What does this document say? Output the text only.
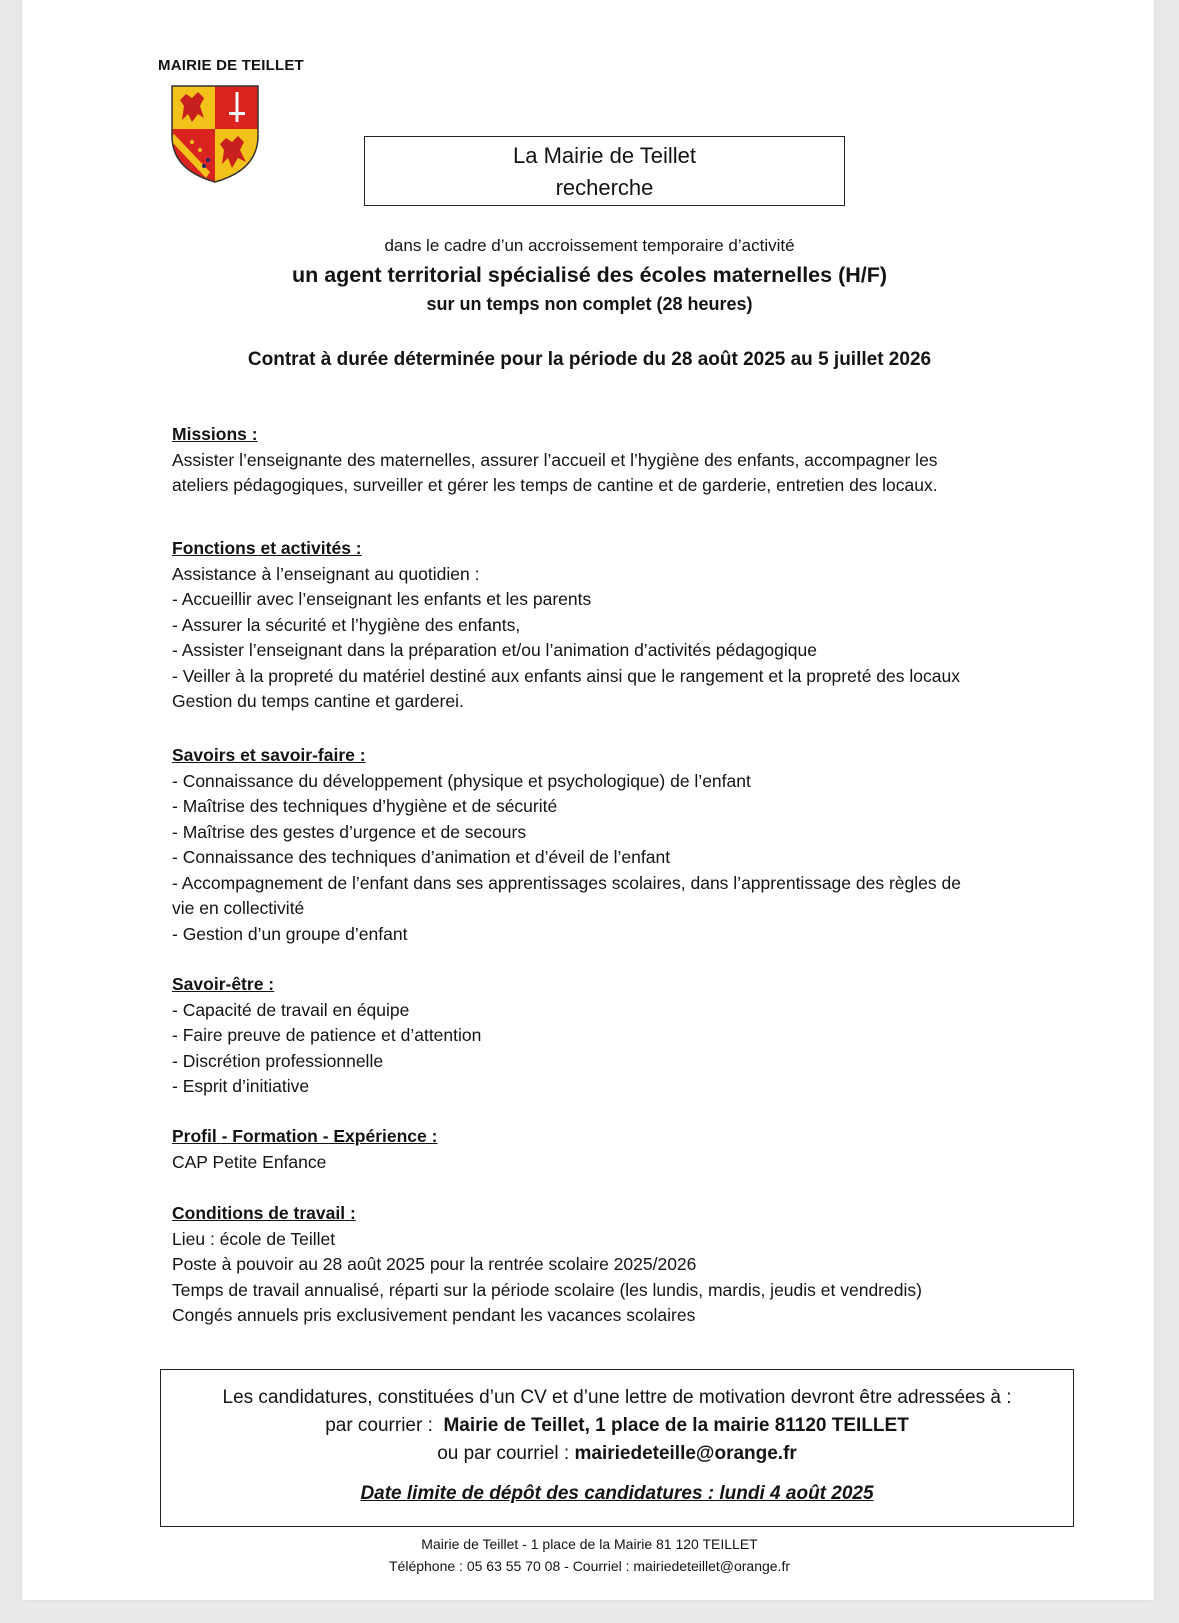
MAIRIE DE TEILLET
La Mairie de Teillet
recherche
dans le cadre d’un accroissement temporaire d’activité
un agent territorial spécialisé des écoles maternelles (H/F)
sur un temps non complet (28 heures)
Contrat à durée déterminée pour la période du 28 août 2025 au 5 juillet 2026
Missions :
Assister l’enseignante des maternelles, assurer l’accueil et l’hygiène des enfants, accompagner les
ateliers pédagogiques, surveiller et gérer les temps de cantine et de garderie, entretien des locaux.
Fonctions et activités :
Assistance à l’enseignant au quotidien :
- Accueillir avec l’enseignant les enfants et les parents
- Assurer la sécurité et l’hygiène des enfants,
- Assister l’enseignant dans la préparation et/ou l’animation d’activités pédagogique
- Veiller à la propreté du matériel destiné aux enfants ainsi que le rangement et la propreté des locaux
Gestion du temps cantine et garderei.
Savoirs et savoir-faire :
- Connaissance du développement (physique et psychologique) de l’enfant
- Maîtrise des techniques d’hygiène et de sécurité
- Maîtrise des gestes d’urgence et de secours
- Connaissance des techniques d’animation et d’éveil de l’enfant
- Accompagnement de l’enfant dans ses apprentissages scolaires, dans l’apprentissage des règles de
vie en collectivité
- Gestion d’un groupe d’enfant
Savoir-être :
- Capacité de travail en équipe
- Faire preuve de patience et d’attention
- Discrétion professionnelle
- Esprit d’initiative
Profil - Formation - Expérience :
CAP Petite Enfance
Conditions de travail :
Lieu : école de Teillet
Poste à pouvoir au 28 août 2025 pour la rentrée scolaire 2025/2026
Temps de travail annualisé, réparti sur la période scolaire (les lundis, mardis, jeudis et vendredis)
Congés annuels pris exclusivement pendant les vacances scolaires
Les candidatures, constituées d’un CV et d’une lettre de motivation devront être adressées à :
par courrier : Mairie de Teillet, 1 place de la mairie 81120 TEILLET
ou par courriel : mairiedeteille@orange.fr
Date limite de dépôt des candidatures : lundi 4 août 2025
Mairie de Teillet - 1 place de la Mairie 81 120 TEILLET
Téléphone : 05 63 55 70 08 - Courriel : mairiedeteillet@orange.fr
